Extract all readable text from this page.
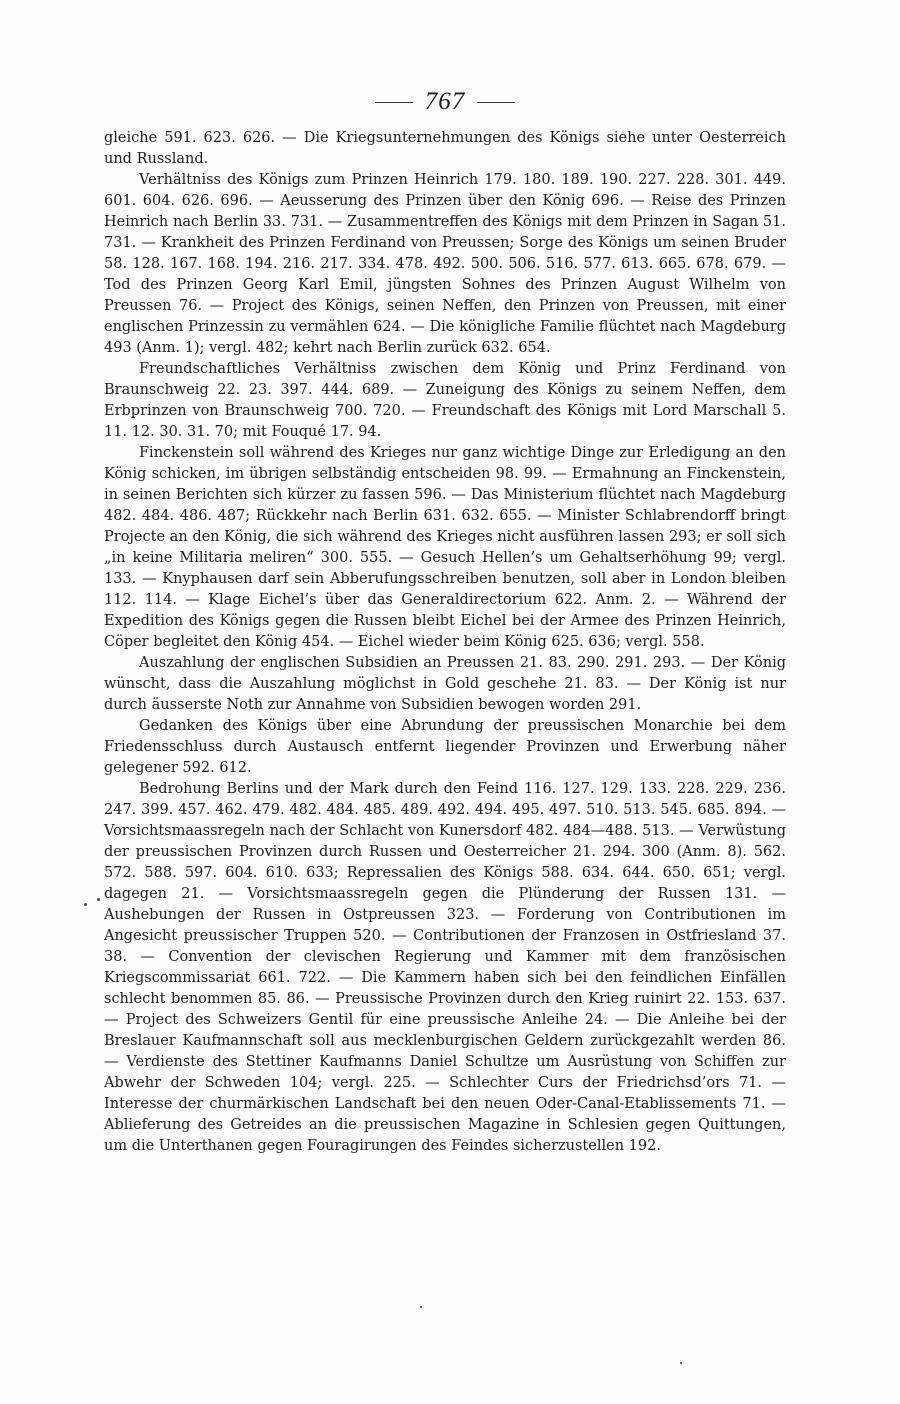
767

gleiche 591. 623. 626. — Die Kriegsunternehmungen des Königs siehe unter Oesterreich und Russland.

Verhältniss des Königs zum Prinzen Heinrich 179. 180. 189. 190. 227. 228. 301. 449. 601. 604. 626. 696. — Aeusserung des Prinzen über den König 696. — Reise des Prinzen Heinrich nach Berlin 33. 731. — Zusammentreffen des Königs mit dem Prinzen in Sagan 51. 731. — Krankheit des Prinzen Ferdinand von Preussen; Sorge des Königs um seinen Bruder 58. 128. 167. 168. 194. 216. 217. 334. 478. 492. 500. 506. 516. 577. 613. 665. 678. 679. — Tod des Prinzen Georg Karl Emil, jüngsten Sohnes des Prinzen August Wilhelm von Preussen 76. — Project des Königs, seinen Neffen, den Prinzen von Preussen, mit einer englischen Prinzessin zu vermählen 624. — Die königliche Familie flüchtet nach Magdeburg 493 (Anm. 1); vergl. 482; kehrt nach Berlin zurück 632. 654.

Freundschaftliches Verhältniss zwischen dem König und Prinz Ferdinand von Braunschweig 22. 23. 397. 444. 689. — Zuneigung des Königs zu seinem Neffen, dem Erbprinzen von Braunschweig 700. 720. — Freundschaft des Königs mit Lord Marschall 5. 11. 12. 30. 31. 70; mit Fouqué 17. 94.

Finckenstein soll während des Krieges nur ganz wichtige Dinge zur Erledigung an den König schicken, im übrigen selbständig entscheiden 98. 99. — Ermahnung an Finckenstein, in seinen Berichten sich kürzer zu fassen 596. — Das Ministerium flüchtet nach Magdeburg 482. 484. 486. 487; Rückkehr nach Berlin 631. 632. 655. — Minister Schlabrendorff bringt Projecte an den König, die sich während des Krieges nicht ausführen lassen 293; er soll sich „in keine Militaria meliren“ 300. 555. — Gesuch Hellen’s um Gehaltserhöhung 99; vergl. 133. — Knyphausen darf sein Abberufungsschreiben benutzen, soll aber in London bleiben 112. 114. — Klage Eichel’s über das Generaldirectorium 622. Anm. 2. — Während der Expedition des Königs gegen die Russen bleibt Eichel bei der Armee des Prinzen Heinrich, Cöper begleitet den König 454. — Eichel wieder beim König 625. 636; vergl. 558.

Auszahlung der englischen Subsidien an Preussen 21. 83. 290. 291. 293. — Der König wünscht, dass die Auszahlung möglichst in Gold geschehe 21. 83. — Der König ist nur durch äusserste Noth zur Annahme von Subsidien bewogen worden 291.

Gedanken des Königs über eine Abrundung der preussischen Monarchie bei dem Friedensschluss durch Austausch entfernt liegender Provinzen und Erwerbung näher gelegener 592. 612.

Bedrohung Berlins und der Mark durch den Feind 116. 127. 129. 133. 228. 229. 236. 247. 399. 457. 462. 479. 482. 484. 485. 489. 492. 494. 495. 497. 510. 513. 545. 685. 894. — Vorsichtsmaassregeln nach der Schlacht von Kunersdorf 482. 484—488. 513. — Verwüstung der preussischen Provinzen durch Russen und Oesterreicher 21. 294. 300 (Anm. 8). 562. 572. 588. 597. 604. 610. 633; Repressalien des Königs 588. 634. 644. 650. 651; vergl. dagegen 21. — Vorsichtsmaassregeln gegen die Plünderung der Russen 131. — Aushebungen der Russen in Ostpreussen 323. — Forderung von Contributionen im Angesicht preussischer Truppen 520. — Contributionen der Franzosen in Ostfriesland 37. 38. — Convention der clevischen Regierung und Kammer mit dem französischen Kriegscommissariat 661. 722. — Die Kammern haben sich bei den feindlichen Einfällen schlecht benommen 85. 86. — Preussische Provinzen durch den Krieg ruinirt 22. 153. 637. — Project des Schweizers Gentil für eine preussische Anleihe 24. — Die Anleihe bei der Breslauer Kaufmannschaft soll aus mecklenburgischen Geldern zurückgezahlt werden 86. — Verdienste des Stettiner Kaufmanns Daniel Schultze um Ausrüstung von Schiffen zur Abwehr der Schweden 104; vergl. 225. — Schlechter Curs der Friedrichsd’ors 71. — Interesse der churmärkischen Landschaft bei den neuen Oder-Canal-Etablissements 71. — Ablieferung des Getreides an die preussischen Magazine in Schlesien gegen Quittungen, um die Unterthanen gegen Fouragirungen des Feindes sicherzustellen 192.
